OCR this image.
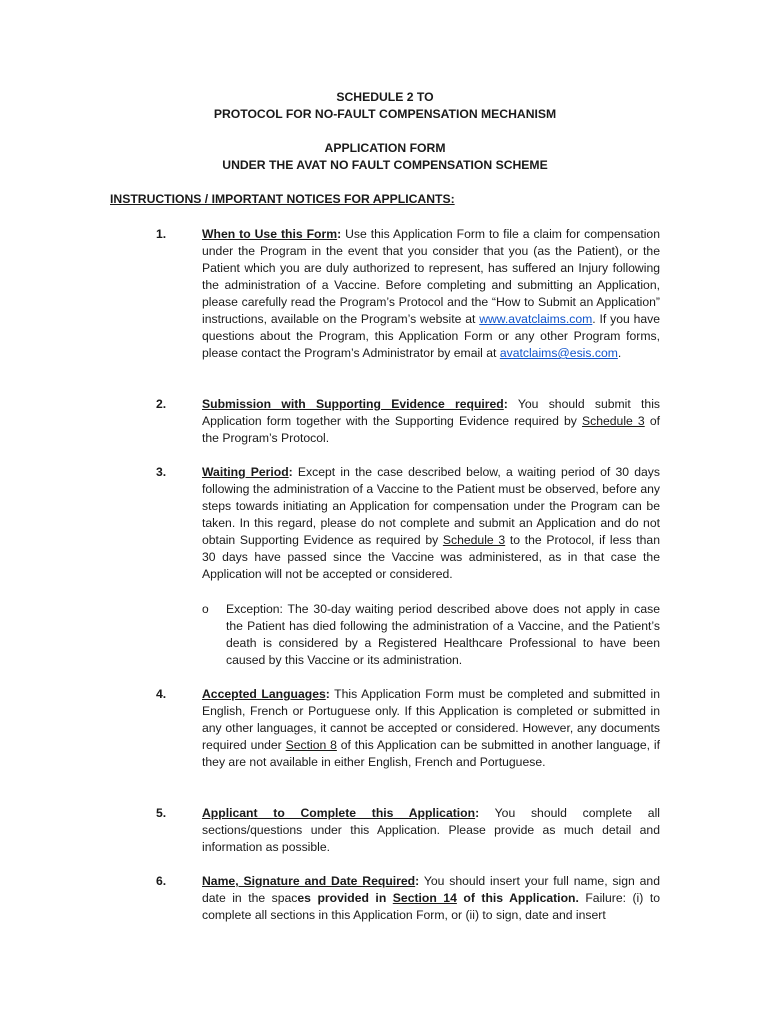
SCHEDULE 2 TO
PROTOCOL FOR NO-FAULT COMPENSATION MECHANISM
APPLICATION FORM
UNDER THE AVAT NO FAULT COMPENSATION SCHEME
INSTRUCTIONS / IMPORTANT NOTICES FOR APPLICANTS:
1.	When to Use this Form: Use this Application Form to file a claim for compensation under the Program in the event that you consider that you (as the Patient), or the Patient which you are duly authorized to represent, has suffered an Injury following the administration of a Vaccine. Before completing and submitting an Application, please carefully read the Program’s Protocol and the “How to Submit an Application” instructions, available on the Program’s website at www.avatclaims.com. If you have questions about the Program, this Application Form or any other Program forms, please contact the Program’s Administrator by email at avatclaims@esis.com.
2.	Submission with Supporting Evidence required: You should submit this Application form together with the Supporting Evidence required by Schedule 3 of the Program’s Protocol.
3.	Waiting Period: Except in the case described below, a waiting period of 30 days following the administration of a Vaccine to the Patient must be observed, before any steps towards initiating an Application for compensation under the Program can be taken. In this regard, please do not complete and submit an Application and do not obtain Supporting Evidence as required by Schedule 3 to the Protocol, if less than 30 days have passed since the Vaccine was administered, as in that case the Application will not be accepted or considered.
o Exception: The 30-day waiting period described above does not apply in case the Patient has died following the administration of a Vaccine, and the Patient’s death is considered by a Registered Healthcare Professional to have been caused by this Vaccine or its administration.
4.	Accepted Languages: This Application Form must be completed and submitted in English, French or Portuguese only. If this Application is completed or submitted in any other languages, it cannot be accepted or considered. However, any documents required under Section 8 of this Application can be submitted in another language, if they are not available in either English, French and Portuguese.
5.	Applicant to Complete this Application: You should complete all sections/questions under this Application. Please provide as much detail and information as possible.
6.	Name, Signature and Date Required: You should insert your full name, sign and date in the spaces provided in Section 14 of this Application. Failure: (i) to complete all sections in this Application Form, or (ii) to sign, date and insert
